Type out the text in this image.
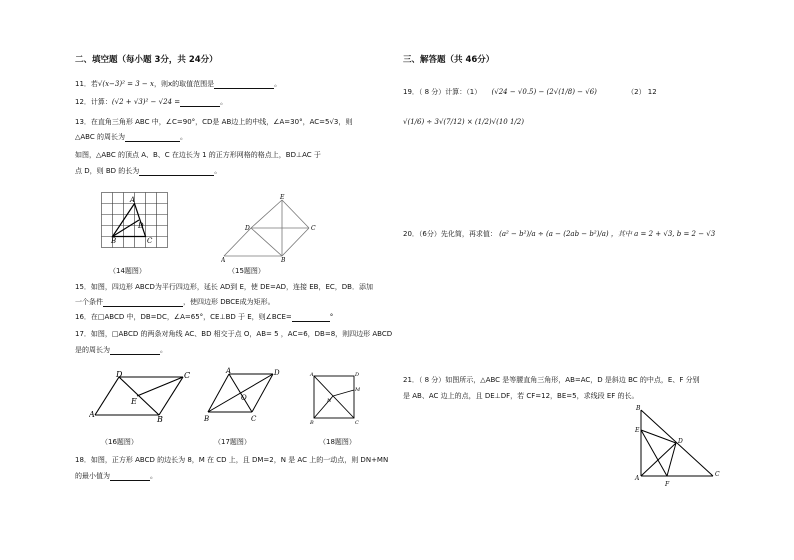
二、填空题（每小题 3分，共 24分）
11．若√(x−3)² = 3 − x，则x的取值范围是	。
12．计算：(√2 + √3)² − √24 =	。
13．在直角三角形 ABC 中，∠C=90°，CD是 AB边上的中线，∠A=30°，AC=5√3，则
△ABC 的周长为	。
如图，△ABC 的顶点 A、B、C 在边长为 1 的正方形网格的格点上，BD⊥AC 于
点 D，则 BD 的长为	。
A
B	C
D
（14题图）
A	B
C
D
E
（15题图）
15．如图，四边形 ABCD为平行四边形，延长 AD到 E，使 DE=AD，连接 EB，EC，DB．添加
一个条件	，使四边形 DBCE成为矩形。
16．在□ABCD 中，DB=DC，∠A=65°，CE⊥BD 于 E，则∠BCE=	°
17．如图，□ABCD 的两条对角线 AC、BD 相交于点 O，AB= 5 ，AC=6，DB=8，则四边形 ABCD
是的周长为	。
A
B
C
D
E
（16题图）
A
B	C
D
O
（17题图）
A	D
M
N
B	C
（18题图）
18．如图，正方形 ABCD 的边长为 8，M 在 CD 上，且 DM=2，N 是 AC 上的一动点，则 DN+MN
的最小值为	。
三、解答题（共 46分）
19．（ 8 分）计算：（1） (√24 − √0.5) − (2√(1/8) − √6)	（2） 12
√(1/6) ÷ 3√(7/12) × (1/2)√(10 1/2)
20．（6分）先化简，再求值： (a² − b²)/a ÷ (a − (2ab − b²)/a) ，其中 a = 2 + √3, b = 2 − √3
21．（ 8 分）如图所示，△ABC 是等腰直角三角形，AB=AC，D 是斜边 BC 的中点，E、F 分别
是 AB、AC 边上的点，且 DE⊥DF，若 CF=12，BE=5，求线段 EF 的长。
B
E
D
A
C
F
